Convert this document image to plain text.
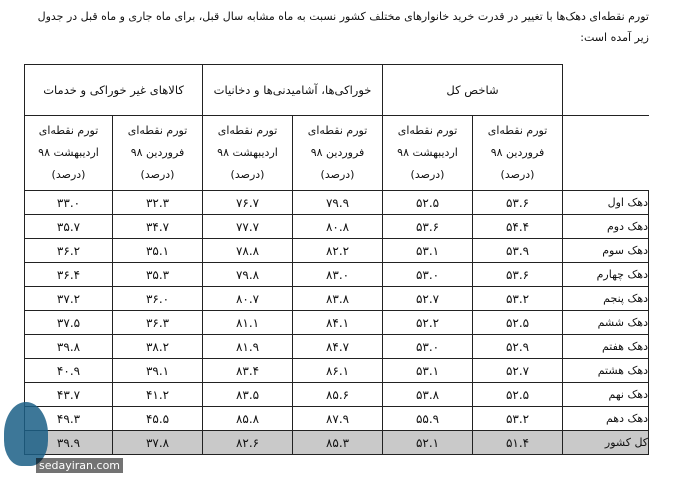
تورم نقطه‌ای دهک‌ها با تغییر در قدرت خرید خانوارهای مختلف کشور نسبت به ماه مشابه سال قبل، برای ماه جاری و ماه قبل در جدول زیر آمده است:
	شاخص کل		خوراکی‌ها، آشامیدنی‌ها و دخانیات		کالاهای غیر خوراکی و خدمات	
	تورم نقطه‌ای فروردین ۹۸ (درصد)	تورم نقطه‌ای اردیبهشت ۹۸ (درصد)	تورم نقطه‌ای فروردین ۹۸ (درصد)	تورم نقطه‌ای اردیبهشت ۹۸ (درصد)	تورم نقطه‌ای فروردین ۹۸ (درصد)	تورم نقطه‌ای اردیبهشت ۹۸ (درصد)
دهک اول	۵۳.۶	۵۲.۵	۷۹.۹	۷۶.۷	۳۲.۳	۳۳.۰
دهک دوم	۵۴.۴	۵۳.۶	۸۰.۸	۷۷.۷	۳۴.۷	۳۵.۷
دهک سوم	۵۳.۹	۵۳.۱	۸۲.۲	۷۸.۸	۳۵.۱	۳۶.۲
دهک چهارم	۵۳.۶	۵۳.۰	۸۳.۰	۷۹.۸	۳۵.۳	۳۶.۴
دهک پنجم	۵۳.۲	۵۲.۷	۸۳.۸	۸۰.۷	۳۶.۰	۳۷.۲
دهک ششم	۵۲.۵	۵۲.۲	۸۴.۱	۸۱.۱	۳۶.۳	۳۷.۵
دهک هفتم	۵۲.۹	۵۳.۰	۸۴.۷	۸۱.۹	۳۸.۲	۳۹.۸
دهک هشتم	۵۲.۷	۵۳.۱	۸۶.۱	۸۳.۴	۳۹.۱	۴۰.۹
دهک نهم	۵۲.۵	۵۳.۸	۸۵.۶	۸۳.۵	۴۱.۲	۴۳.۷
دهک دهم	۵۳.۲	۵۵.۹	۸۷.۹	۸۵.۸	۴۵.۵	۴۹.۳
کل کشور	۵۱.۴	۵۲.۱	۸۵.۳	۸۲.۶	۳۷.۸	۳۹.۹
sedayiran.com
